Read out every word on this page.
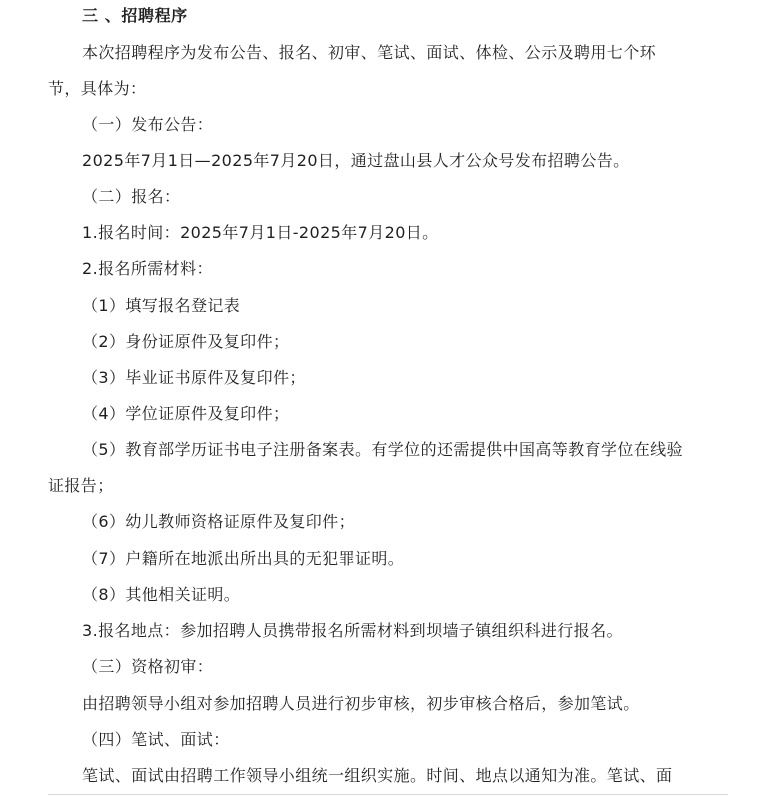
三 、招聘程序
本次招聘程序为发布公告、报名、初审、笔试、面试、体检、公示及聘用七个环
节，具体为：
（一）发布公告：
2025年7月1日—2025年7月20日，通过盘山县人才公众号发布招聘公告。
（二）报名：
1.报名时间：2025年7月1日-2025年7月20日。
2.报名所需材料：
（1）填写报名登记表
（2）身份证原件及复印件；
（3）毕业证书原件及复印件；
（4）学位证原件及复印件；
（5）教育部学历证书电子注册备案表。有学位的还需提供中国高等教育学位在线验
证报告；
（6）幼儿教师资格证原件及复印件；
（7）户籍所在地派出所出具的无犯罪证明。
（8）其他相关证明。
3.报名地点：参加招聘人员携带报名所需材料到坝墙子镇组织科进行报名。
（三）资格初审：
由招聘领导小组对参加招聘人员进行初步审核，初步审核合格后，参加笔试。
（四）笔试、面试：
笔试、面试由招聘工作领导小组统一组织实施。时间、地点以通知为准。笔试、面
